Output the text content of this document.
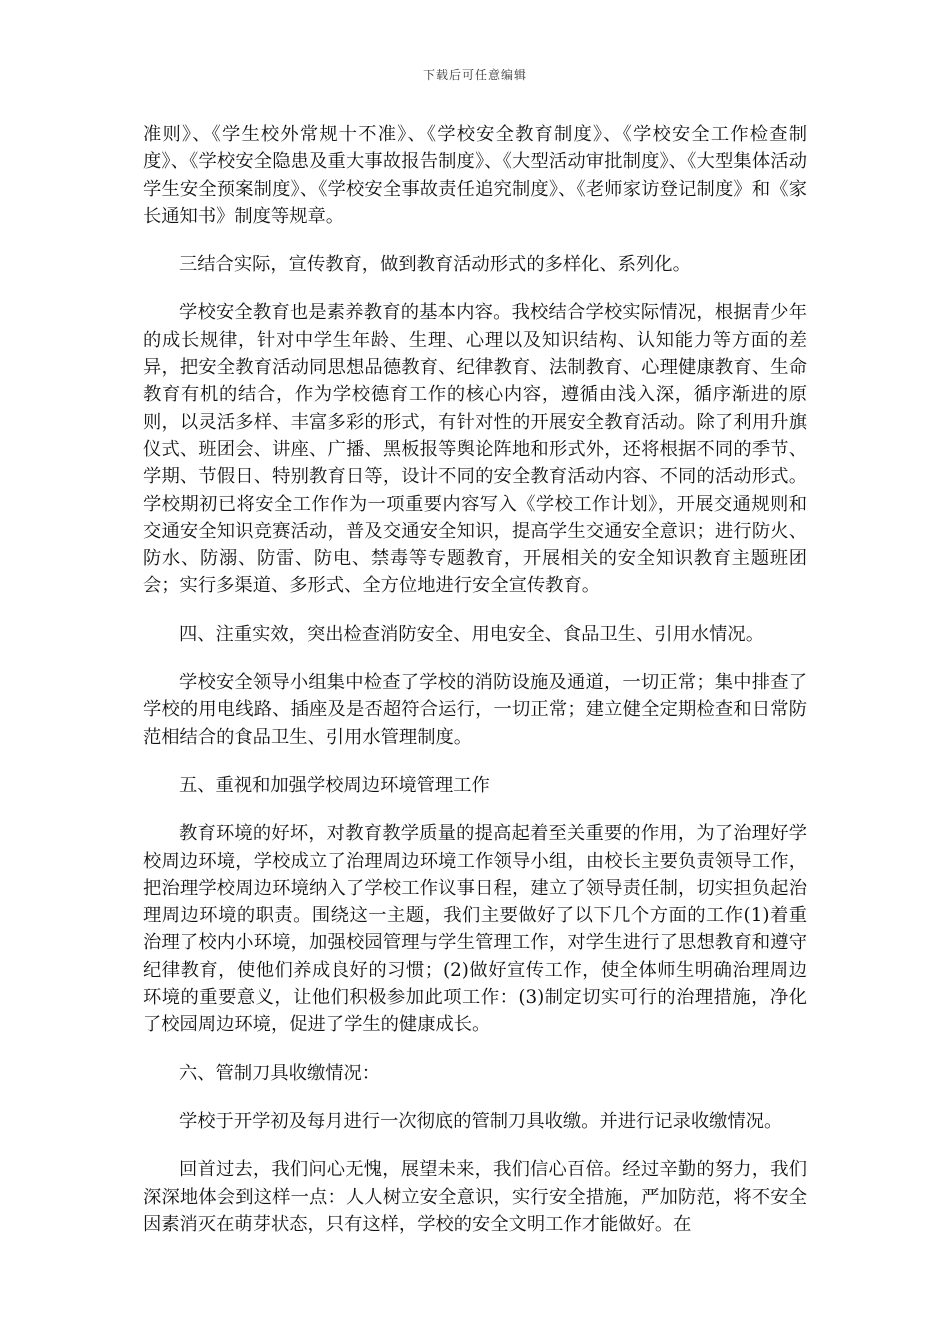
下载后可任意编辑

准则》、《学生校外常规十不准》、《学校安全教育制度》、《学校安全工作检查制度》、《学校安全隐患及重大事故报告制度》、《大型活动审批制度》、《大型集体活动学生安全预案制度》、《学校安全事故责任追究制度》、《老师家访登记制度》和《家长通知书》制度等规章。

三结合实际，宣传教育，做到教育活动形式的多样化、系列化。

学校安全教育也是素养教育的基本内容。我校结合学校实际情况，根据青少年的成长规律，针对中学生年龄、生理、心理以及知识结构、认知能力等方面的差异，把安全教育活动同思想品德教育、纪律教育、法制教育、心理健康教育、生命教育有机的结合，作为学校德育工作的核心内容，遵循由浅入深，循序渐进的原则，以灵活多样、丰富多彩的形式，有针对性的开展安全教育活动。除了利用升旗仪式、班团会、讲座、广播、黑板报等舆论阵地和形式外，还将根据不同的季节、学期、节假日、特别教育日等，设计不同的安全教育活动内容、不同的活动形式。学校期初已将安全工作作为一项重要内容写入《学校工作计划》，开展交通规则和交通安全知识竞赛活动，普及交通安全知识，提高学生交通安全意识；进行防火、防水、防溺、防雷、防电、禁毒等专题教育，开展相关的安全知识教育主题班团会；实行多渠道、多形式、全方位地进行安全宣传教育。

四、注重实效，突出检查消防安全、用电安全、食品卫生、引用水情况。

学校安全领导小组集中检查了学校的消防设施及通道，一切正常；集中排查了学校的用电线路、插座及是否超符合运行，一切正常；建立健全定期检查和日常防范相结合的食品卫生、引用水管理制度。

五、重视和加强学校周边环境管理工作

教育环境的好坏，对教育教学质量的提高起着至关重要的作用，为了治理好学校周边环境，学校成立了治理周边环境工作领导小组，由校长主要负责领导工作，把治理学校周边环境纳入了学校工作议事日程，建立了领导责任制，切实担负起治理周边环境的职责。围绕这一主题，我们主要做好了以下几个方面的工作(1)着重治理了校内小环境，加强校园管理与学生管理工作，对学生进行了思想教育和遵守纪律教育，使他们养成良好的习惯；(2)做好宣传工作，使全体师生明确治理周边环境的重要意义，让他们积极参加此项工作：(3)制定切实可行的治理措施，净化了校园周边环境，促进了学生的健康成长。

六、管制刀具收缴情况：

学校于开学初及每月进行一次彻底的管制刀具收缴。并进行记录收缴情况。

回首过去，我们问心无愧，展望未来，我们信心百倍。经过辛勤的努力，我们深深地体会到这样一点：人人树立安全意识，实行安全措施，严加防范，将不安全因素消灭在萌芽状态，只有这样，学校的安全文明工作才能做好。在
